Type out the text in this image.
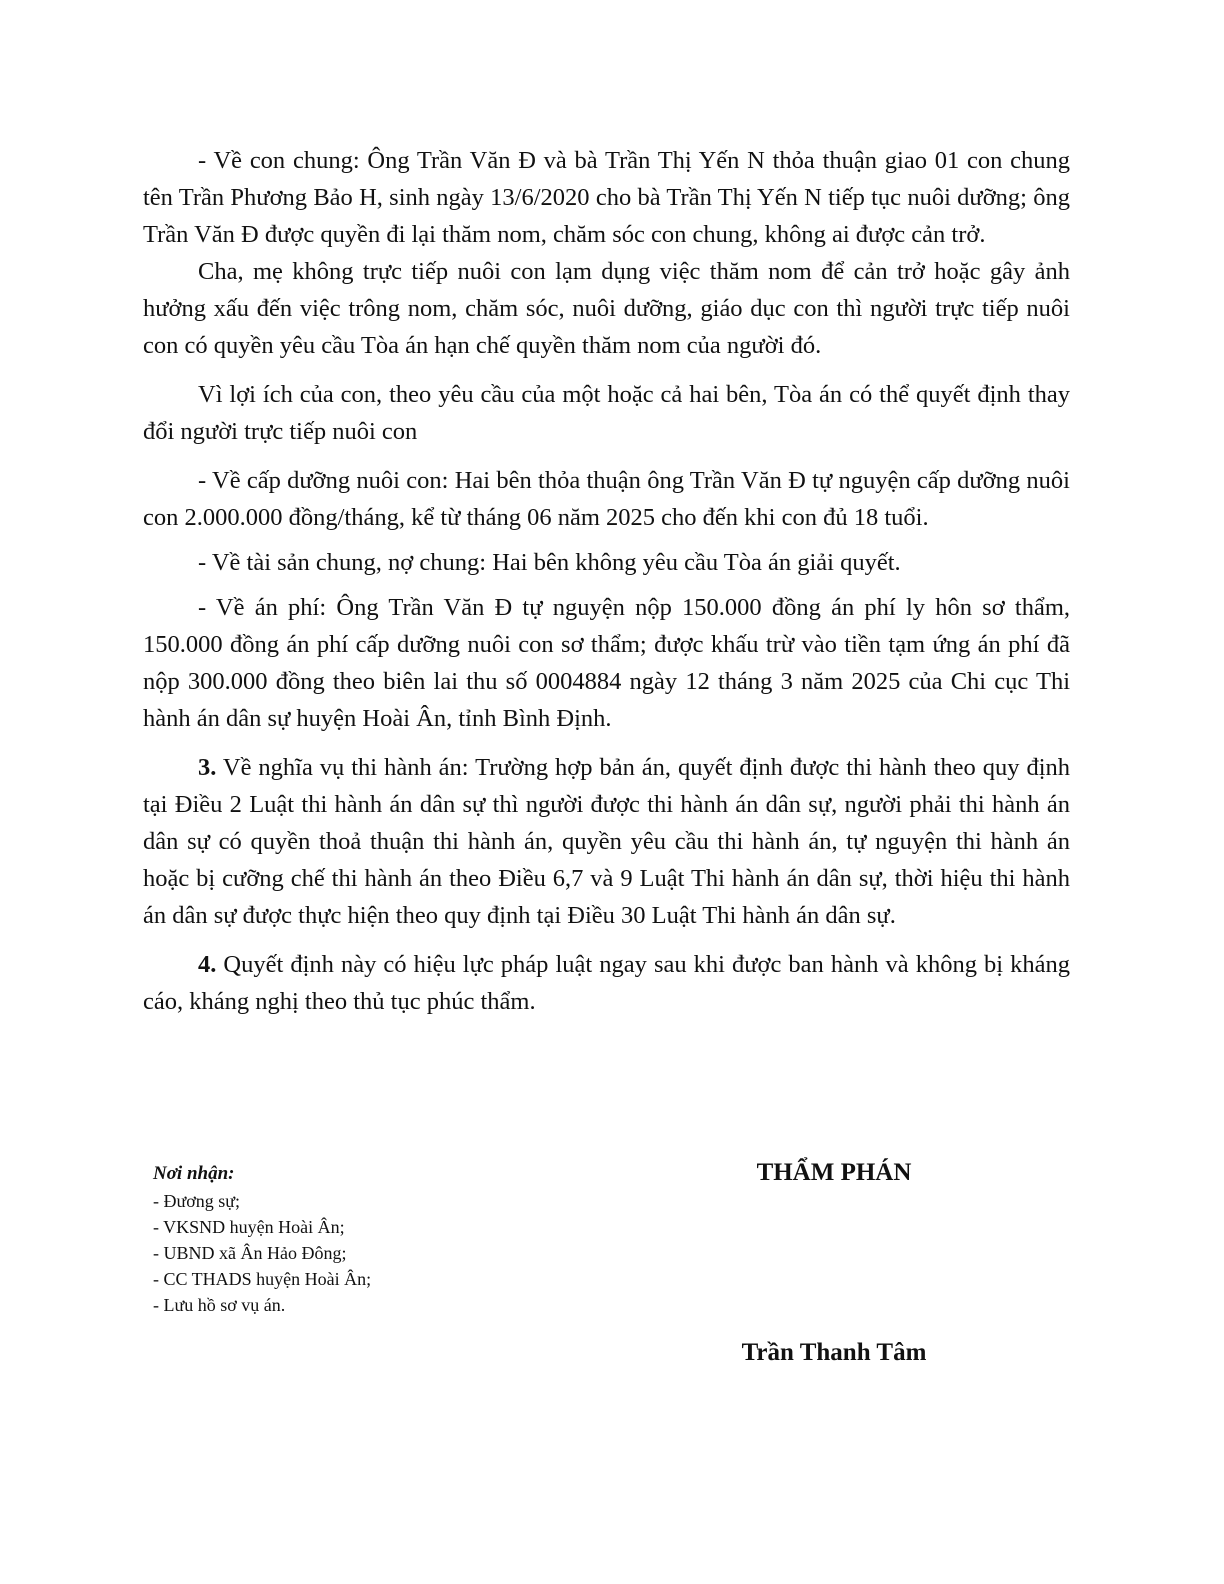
- Về con chung: Ông Trần Văn Đ và bà Trần Thị Yến N thỏa thuận giao 01 con chung tên Trần Phương Bảo H, sinh ngày 13/6/2020 cho bà Trần Thị Yến N tiếp tục nuôi dưỡng; ông Trần Văn Đ được quyền đi lại thăm nom, chăm sóc con chung, không ai được cản trở.

Cha, mẹ không trực tiếp nuôi con lạm dụng việc thăm nom để cản trở hoặc gây ảnh hưởng xấu đến việc trông nom, chăm sóc, nuôi dưỡng, giáo dục con thì người trực tiếp nuôi con có quyền yêu cầu Tòa án hạn chế quyền thăm nom của người đó.

Vì lợi ích của con, theo yêu cầu của một hoặc cả hai bên, Tòa án có thể quyết định thay đổi người trực tiếp nuôi con

- Về cấp dưỡng nuôi con: Hai bên thỏa thuận ông Trần Văn Đ tự nguyện cấp dưỡng nuôi con 2.000.000 đồng/tháng, kể từ tháng 06 năm 2025 cho đến khi con đủ 18 tuổi.

- Về tài sản chung, nợ chung: Hai bên không yêu cầu Tòa án giải quyết.

- Về án phí: Ông Trần Văn Đ tự nguyện nộp 150.000 đồng án phí ly hôn sơ thẩm, 150.000 đồng án phí cấp dưỡng nuôi con sơ thẩm; được khấu trừ vào tiền tạm ứng án phí đã nộp 300.000 đồng theo biên lai thu số 0004884 ngày 12 tháng 3 năm 2025 của Chi cục Thi hành án dân sự huyện Hoài Ân, tỉnh Bình Định.

3. Về nghĩa vụ thi hành án: Trường hợp bản án, quyết định được thi hành theo quy định tại Điều 2 Luật thi hành án dân sự thì người được thi hành án dân sự, người phải thi hành án dân sự có quyền thoả thuận thi hành án, quyền yêu cầu thi hành án, tự nguyện thi hành án hoặc bị cưỡng chế thi hành án theo Điều 6,7 và 9 Luật Thi hành án dân sự, thời hiệu thi hành án dân sự được thực hiện theo quy định tại Điều 30 Luật Thi hành án dân sự.

4. Quyết định này có hiệu lực pháp luật ngay sau khi được ban hành và không bị kháng cáo, kháng nghị theo thủ tục phúc thẩm.

Nơi nhận:
- Đương sự;
- VKSND huyện Hoài Ân;
- UBND xã Ân Hảo Đông;
- CC THADS huyện Hoài Ân;
- Lưu hồ sơ vụ án.
THẨM PHÁN
Trần Thanh Tâm
